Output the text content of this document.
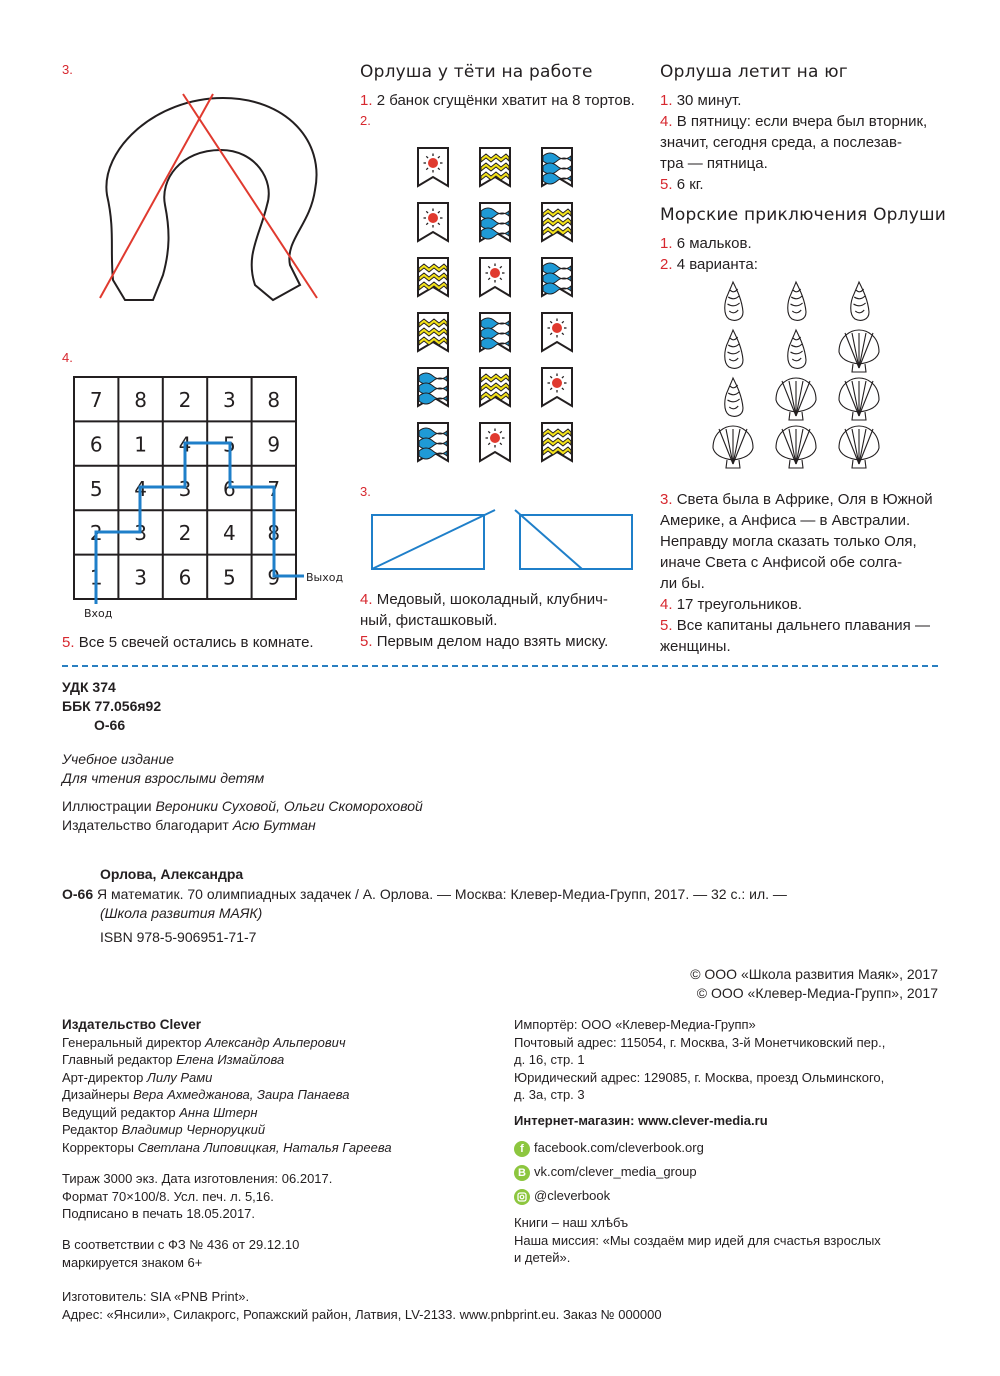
3.
4.
7 8 2 3 8
6 1 4 5 9
5 4 3 6 7
2 3 2 4 8
1 3 6 5 9 Выход
Вход
5. Все 5 свечей остались в комнате.
Орлуша у тёти на работе
1. 2 банок сгущёнки хватит на 8 тортов.
2.
3.
4. Медовый, шоколадный, клубнич-
ный, фисташковый.
5. Первым делом надо взять миску.
Орлуша летит на юг
1. 30 минут.
4. В пятницу: если вчера был вторник,
значит, сегодня среда, а послезав-
тра — пятница.
5. 6 кг.
Морские приключения Орлуши
1. 6 мальков.
2. 4 варианта:
3. Света была в Африке, Оля в Южной
Америке, а Анфиса — в Австралии.
Неправду могла сказать только Оля,
иначе Света с Анфисой обе солга-
ли бы.
4. 17 треугольников.
5. Все капитаны дальнего плавания —
женщины.
УДК 374
ББК 77.056я92
О-66
Учебное издание
Для чтения взрослыми детям
Иллюстрации Вероники Суховой, Ольги Скомороховой
Издательство благодарит Асю Бутман
Орлова, Александра
О-66 Я математик. 70 олимпиадных задачек / А. Орлова. — Москва: Клевер-Медиа-Групп, 2017. — 32 с.: ил. —
(Школа развития МАЯК)
ISBN 978-5-906951-71-7
© ООО «Школа развития Маяк», 2017
© ООО «Клевер-Медиа-Групп», 2017
Издательство Clever
Генеральный директор Александр Альперович
Главный редактор Елена Измайлова
Арт-директор Лилу Рами
Дизайнеры Вера Ахмеджанова, Заира Панаева
Ведущий редактор Анна Штерн
Редактор Владимир Черноруцкий
Корректоры Светлана Липовицкая, Наталья Гареева
Тираж 3000 экз. Дата изготовления: 06.2017.
Формат 70×100/8. Усл. печ. л. 5,16.
Подписано в печать 18.05.2017.
В соответствии с ФЗ № 436 от 29.12.10
маркируется знаком 6+
Изготовитель: SIA «PNB Print».
Адрес: «Янсили», Силакрогс, Ропажский район, Латвия, LV-2133. www.pnbprint.eu. Заказ № 000000
Импортёр: ООО «Клевер-Медиа-Групп»
Почтовый адрес: 115054, г. Москва, 3-й Монетчиковский пер.,
д. 16, стр. 1
Юридический адрес: 129085, г. Москва, проезд Ольминского,
д. 3а, стр. 3
Интернет-магазин: www.clever-media.ru
f facebook.com/cleverbook.org
B vk.com/clever_media_group
@cleverbook
Книги – наш хлѣбъ
Наша миссия: «Мы создаём мир идей для счастья взрослых
и детей».
